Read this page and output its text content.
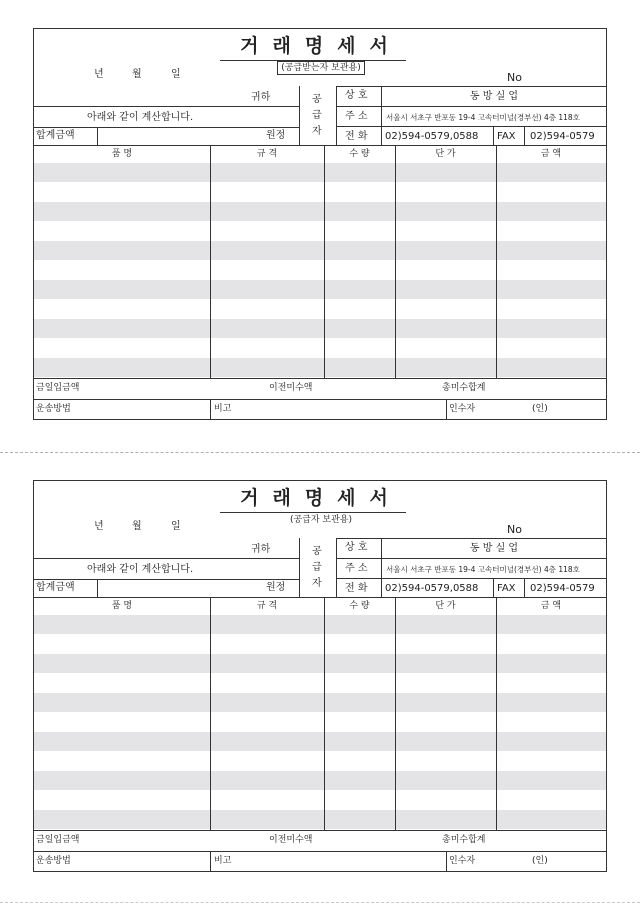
거래명세서
(공급받는자 보관용)
년	월	일	No
귀하
아래와 같이 계산합니다.
합계금액	원정
공
급
자
상 호	동 방 실 업
주 소 서울시 서초구 반포동 19-4 고속터미널(경부선) 4층 118호
전 화 02)594-0579,0588 FAX 02)594-0579
품 명	규 격	수 량	단 가	금 액
금일입금액	이전미수액	총미수합계
운송방법	비고	인수자	(인)
거래명세서
(공급자 보관용)
년	월	일	No
귀하
아래와 같이 계산합니다.
합계금액	원정
공
급
자
상 호	동 방 실 업
주 소 서울시 서초구 반포동 19-4 고속터미널(경부선) 4층 118호
전 화 02)594-0579,0588 FAX 02)594-0579
품 명	규 격	수 량	단 가	금 액
금일입금액	이전미수액	총미수합계
운송방법	비고	인수자	(인)
